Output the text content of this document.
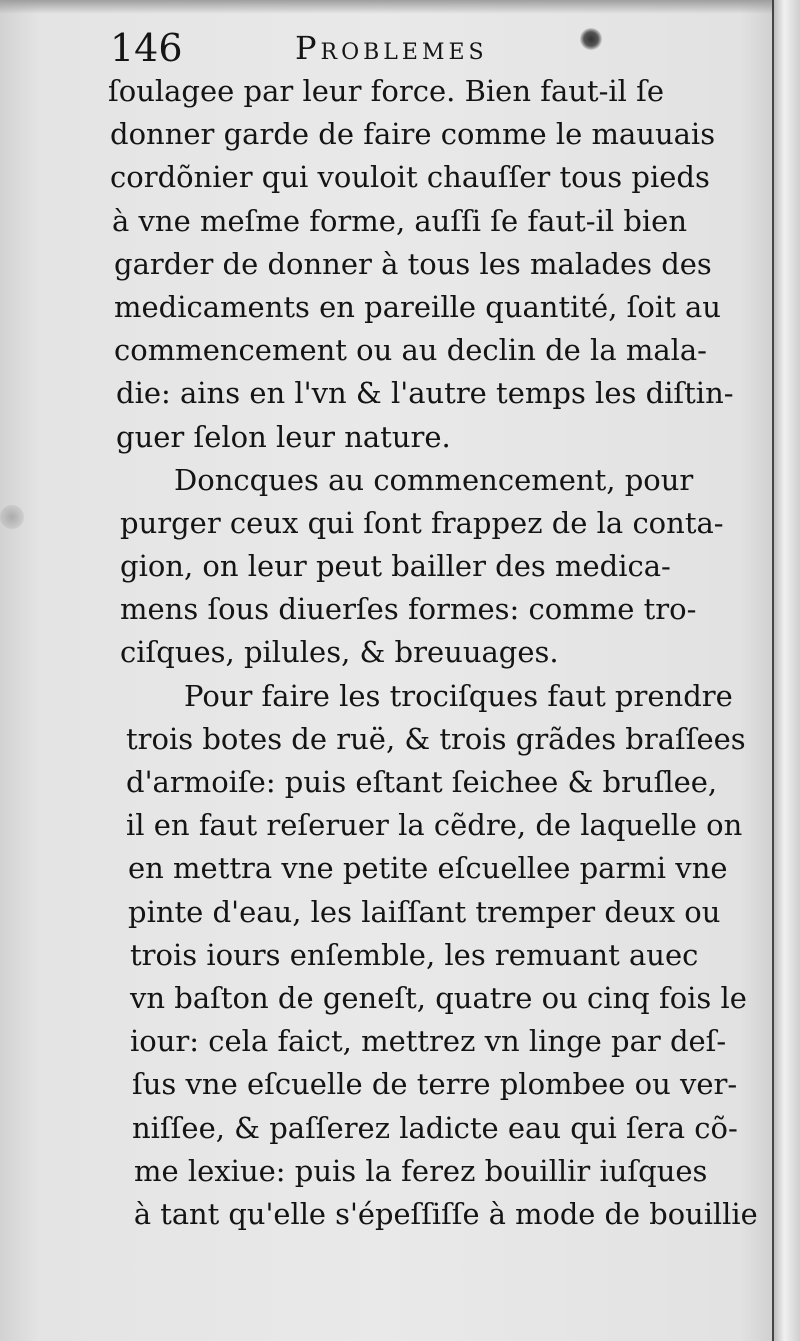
146	Problemes
ſoulagee par leur force. Bien faut-il ſe
donner garde de faire comme le mauuais
cordõnier qui vouloit chauſſer tous pieds
à vne meſme forme, auſſi ſe faut-il bien
garder de donner à tous les malades des
medicaments en pareille quantité, ſoit au
commencement ou au declin de la mala-
die: ains en l'vn & l'autre temps les diſtin-
guer ſelon leur nature.
Doncques au commencement, pour
purger ceux qui ſont frappez de la conta-
gion, on leur peut bailler des medica-
mens ſous diuerſes formes: comme tro-
ciſques, pilules, & breuuages.
Pour faire les trociſques faut prendre
trois botes de ruë, & trois grãdes braſſees
d'armoiſe: puis eſtant ſeichee & bruſlee,
il en faut reſeruer la cẽdre, de laquelle on
en mettra vne petite eſcuellee parmi vne
pinte d'eau, les laiſſant tremper deux ou
trois iours enſemble, les remuant auec
vn baſton de geneſt, quatre ou cinq fois le
iour: cela faict, mettrez vn linge par deſ-
ſus vne eſcuelle de terre plombee ou ver-
niſſee, & paſſerez ladicte eau qui ſera cõ-
me lexiue: puis la ferez bouillir iuſques
à tant qu'elle s'épeſſiſſe à mode de bouillie
